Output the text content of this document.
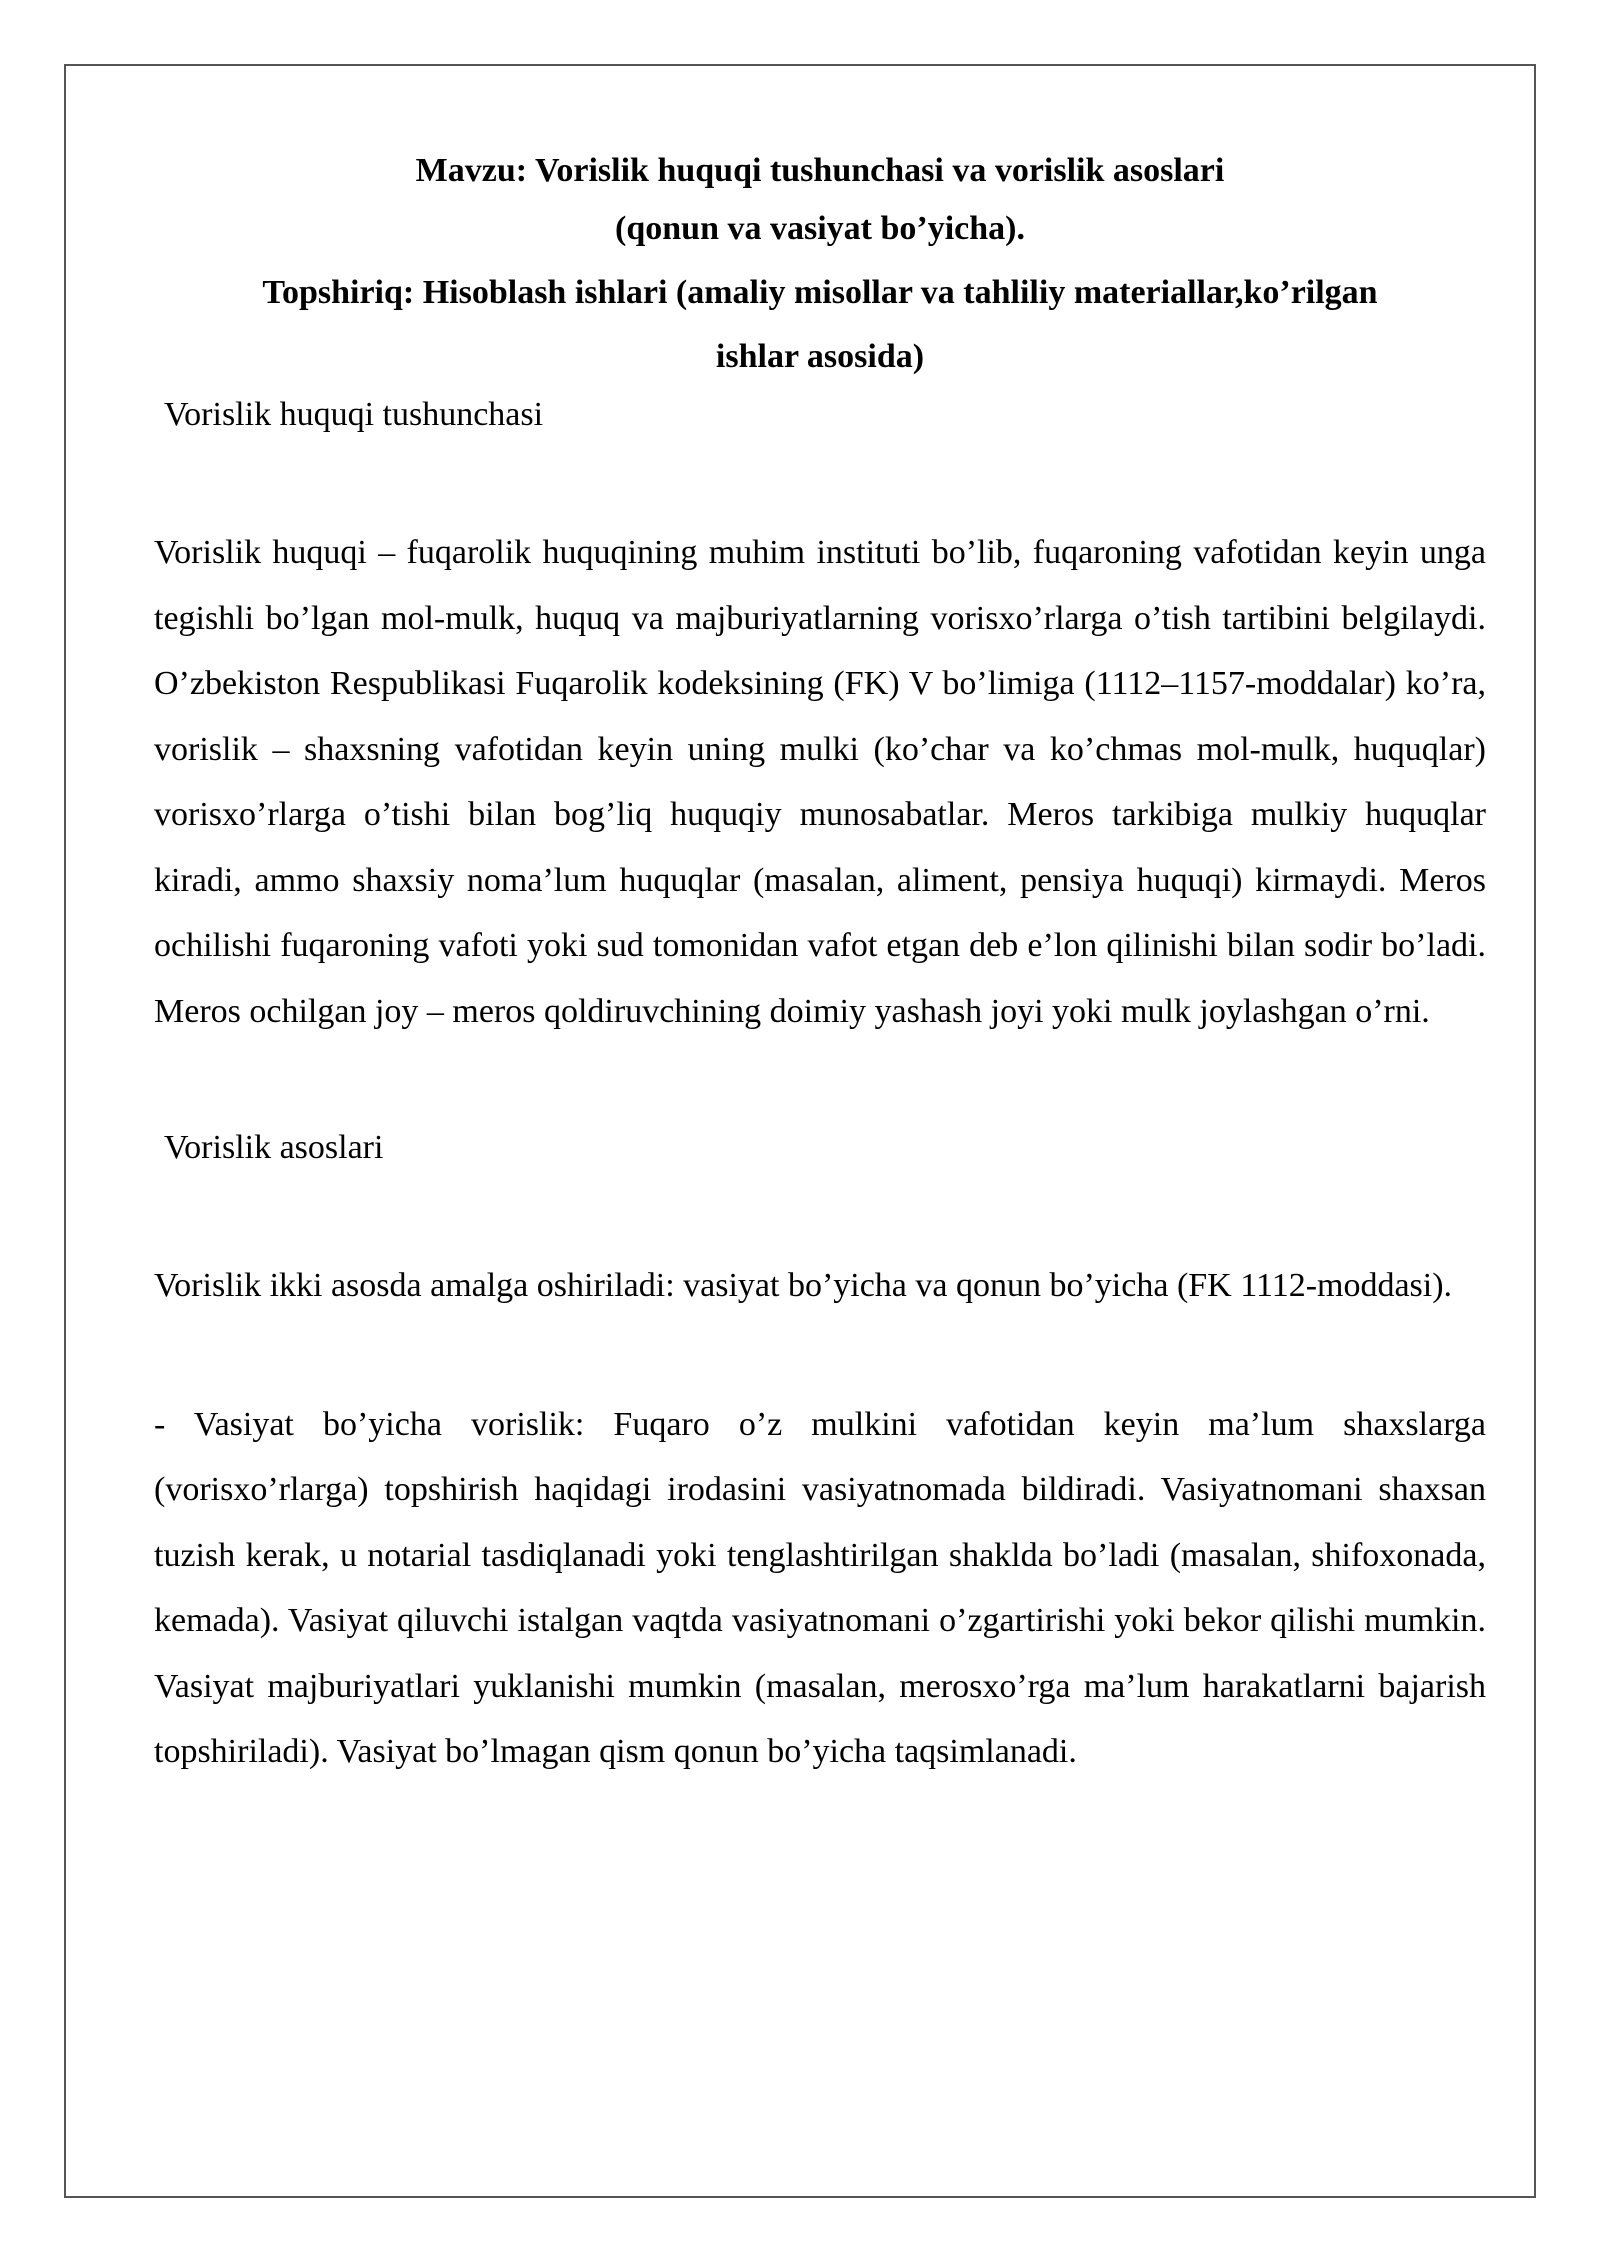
Mavzu: Vorislik huquqi tushunchasi va vorislik asoslari

(qonun va vasiyat bo’yicha).

Topshiriq: Hisoblash ishlari (amaliy misollar va tahliliy materiallar,ko’rilgan

ishlar asosida)

Vorislik huquqi tushunchasi

Vorislik huquqi – fuqarolik huquqining muhim instituti bo’lib, fuqaroning vafotidan keyin unga tegishli bo’lgan mol-mulk, huquq va majburiyatlarning vorisxo’rlarga o’tish tartibini belgilaydi. O’zbekiston Respublikasi Fuqarolik kodeksining (FK) V bo’limiga (1112–1157-moddalar) ko’ra, vorislik – shaxsning vafotidan keyin uning mulki (ko’char va ko’chmas mol-mulk, huquqlar) vorisxo’rlarga o’tishi bilan bog’liq huquqiy munosabatlar. Meros tarkibiga mulkiy huquqlar kiradi, ammo shaxsiy noma’lum huquqlar (masalan, aliment, pensiya huquqi) kirmaydi. Meros ochilishi fuqaroning vafoti yoki sud tomonidan vafot etgan deb e’lon qilinishi bilan sodir bo’ladi. Meros ochilgan joy – meros qoldiruvchining doimiy yashash joyi yoki mulk joylashgan o’rni.

Vorislik asoslari

Vorislik ikki asosda amalga oshiriladi: vasiyat bo’yicha va qonun bo’yicha (FK 1112-moddasi).

- Vasiyat bo’yicha vorislik: Fuqaro o’z mulkini vafotidan keyin ma’lum shaxslarga (vorisxo’rlarga) topshirish haqidagi irodasini vasiyatnomada bildiradi. Vasiyatnomani shaxsan tuzish kerak, u notarial tasdiqlanadi yoki tenglashtirilgan shaklda bo’ladi (masalan, shifoxonada, kemada). Vasiyat qiluvchi istalgan vaqtda vasiyatnomani o’zgartirishi yoki bekor qilishi mumkin. Vasiyat majburiyatlari yuklanishi mumkin (masalan, merosxo’rga ma’lum harakatlarni bajarish topshiriladi). Vasiyat bo’lmagan qism qonun bo’yicha taqsimlanadi.
